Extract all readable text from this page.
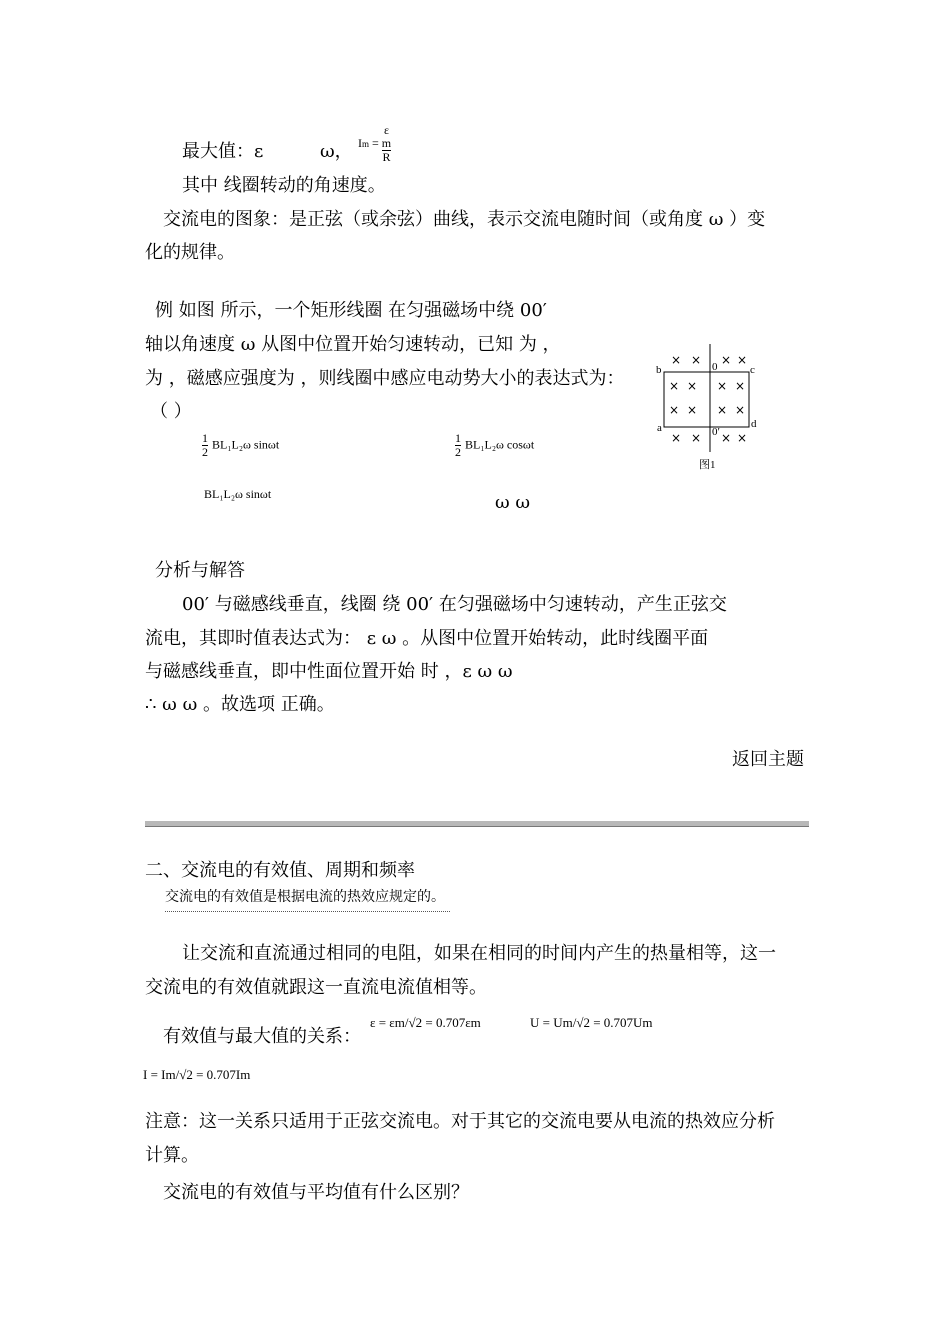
最大值：ε	ω， Im = ε
m
R
其中 线圈转动的角速度。
交流电的图象：是正弦（或余弦）曲线，表示交流电随时间（或角度 ω ）变
化的规律。
例 如图 所示，一个矩形线圈 在匀强磁场中绕 00′
轴以角速度 ω 从图中位置开始匀速转动，已知 为 ，
为 ，磁感应强度为 ，则线圈中感应电动势大小的表达式为：
（ ）
$\frac{1}{2} BL_1L_2\omega$ sinωt	$\frac{1}{2} BL_1L_2\omega$ cosωt
BL₁L₂ω sinωt	ω ω
× × × ×
× × × ×
× × × ×
× × × ×
b	c
a	d
0
0′
图1
分析与解答
00′ 与磁感线垂直，线圈 绕 00′ 在匀强磁场中匀速转动，产生正弦交
流电，其即时值表达式为： ε ω 。从图中位置开始转动，此时线圈平面
与磁感线垂直，即中性面位置开始 时 ，ε ω ω
∴ ω ω 。故选项 正确。
返回主题
二、交流电的有效值、周期和频率
交流电的有效值是根据电流的热效应规定的。
让交流和直流通过相同的电阻，如果在相同的时间内产生的热量相等，这一
交流电的有效值就跟这一直流电流值相等。
有效值与最大值的关系：
ε = εm/√2 = 0.707εm	U = Um/√2 = 0.707Um
I = Im/√2 = 0.707Im
注意：这一关系只适用于正弦交流电。对于其它的交流电要从电流的热效应分析
计算。
交流电的有效值与平均值有什么区别？
